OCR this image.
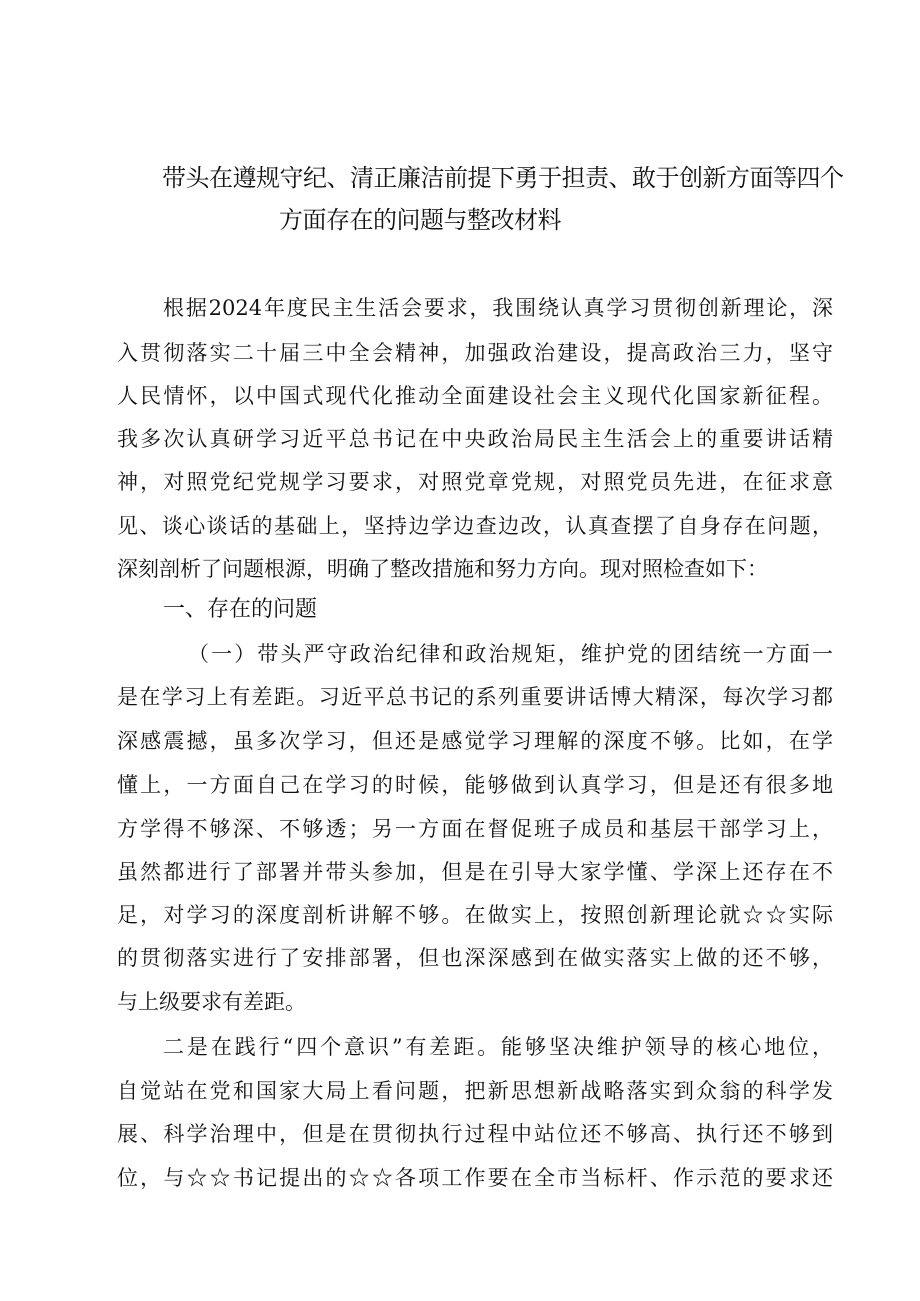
带头在遵规守纪、清正廉洁前提下勇于担责、敢于创新方面等四个
方面存在的问题与整改材料
根据2024年度民主生活会要求，我围绕认真学习贯彻创新理论，深
入贯彻落实二十届三中全会精神，加强政治建设，提高政治三力，坚守
人民情怀，以中国式现代化推动全面建设社会主义现代化国家新征程。
我多次认真研学习近平总书记在中央政治局民主生活会上的重要讲话精
神，对照党纪党规学习要求，对照党章党规，对照党员先进，在征求意
见、谈心谈话的基础上，坚持边学边查边改，认真查摆了自身存在问题，
深刻剖析了问题根源，明确了整改措施和努力方向。现对照检查如下：
一、存在的问题
（一）带头严守政治纪律和政治规矩，维护党的团结统一方面一
是在学习上有差距。习近平总书记的系列重要讲话博大精深，每次学习都
深感震撼，虽多次学习，但还是感觉学习理解的深度不够。比如，在学
懂上，一方面自己在学习的时候，能够做到认真学习，但是还有很多地
方学得不够深、不够透；另一方面在督促班子成员和基层干部学习上，
虽然都进行了部署并带头参加，但是在引导大家学懂、学深上还存在不
足，对学习的深度剖析讲解不够。在做实上，按照创新理论就☆☆实际
的贯彻落实进行了安排部署，但也深深感到在做实落实上做的还不够，
与上级要求有差距。
二是在践行“四个意识”有差距。能够坚决维护领导的核心地位，
自觉站在党和国家大局上看问题，把新思想新战略落实到众翁的科学发
展、科学治理中，但是在贯彻执行过程中站位还不够高、执行还不够到
位，与☆☆书记提出的☆☆各项工作要在全市当标杆、作示范的要求还
